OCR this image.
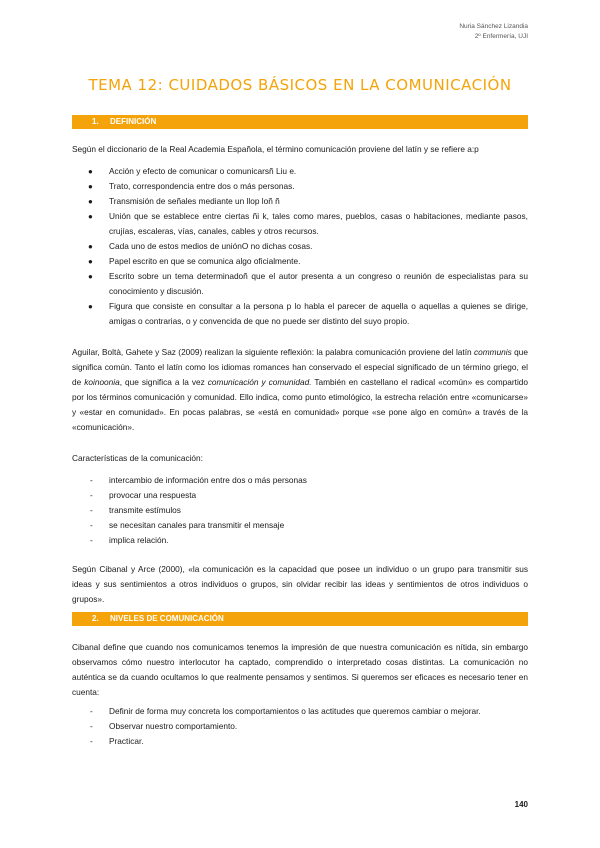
Nuria Sánchez Lizandia
2º Enfermería, UJI
TEMA 12: CUIDADOS BÁSICOS EN LA COMUNICACIÓN
1. DEFINICIÓN

Según el diccionario de la Real Academia Española, el término comunicación proviene del latín y se refiere a:p

● Acción y efecto de comunicar o comunicarsñ Liu e.
● Trato, correspondencia entre dos o más personas.
● Transmisión de señales mediante un llop loñ ñ
● Unión que se establece entre ciertas ñi k, tales como mares, pueblos, casas o habitaciones, mediante pasos, crujías, escaleras, vías, canales, cables y otros recursos.
● Cada uno de estos medios de uniónO no dichas cosas.
● Papel escrito en que se comunica algo oficialmente.
● Escrito sobre un tema determinadoñ que el autor presenta a un congreso o reunión de especialistas para su conocimiento y discusión.
● Figura que consiste en consultar a la persona p lo habla el parecer de aquella o aquellas a quienes se dirige, amigas o contrarias, o y convencida de que no puede ser distinto del suyo propio.

Aguilar, Boltà, Gahete y Saz (2009) realizan la siguiente reflexión: la palabra comunicación proviene del latín communis que significa común. Tanto el latín como los idiomas romances han conservado el especial significado de un término griego, el de koinoonia, que significa a la vez comunicación y comunidad. También en castellano el radical «común» es compartido por los términos comunicación y comunidad. Ello indica, como punto etimológico, la estrecha relación entre «comunicarse» y «estar en comunidad». En pocas palabras, se «está en comunidad» porque «se pone algo en común» a través de la «comunicación».

Características de la comunicación:

- intercambio de información entre dos o más personas
- provocar una respuesta
- transmite estímulos
- se necesitan canales para transmitir el mensaje
- implica relación.

Según Cibanal y Arce (2000), «la comunicación es la capacidad que posee un individuo o un grupo para transmitir sus ideas y sus sentimientos a otros individuos o grupos, sin olvidar recibir las ideas y sentimientos de otros individuos o grupos».

2. NIVELES DE COMUNICACIÓN

Cibanal define que cuando nos comunicamos tenemos la impresión de que nuestra comunicación es nítida, sin embargo observamos cómo nuestro interlocutor ha captado, comprendido o interpretado cosas distintas. La comunicación no auténtica se da cuando ocultamos lo que realmente pensamos y sentimos. Si queremos ser eficaces es necesario tener en cuenta:

- Definir de forma muy concreta los comportamientos o las actitudes que queremos cambiar o mejorar.
- Observar nuestro comportamiento.
- Practicar.
140
